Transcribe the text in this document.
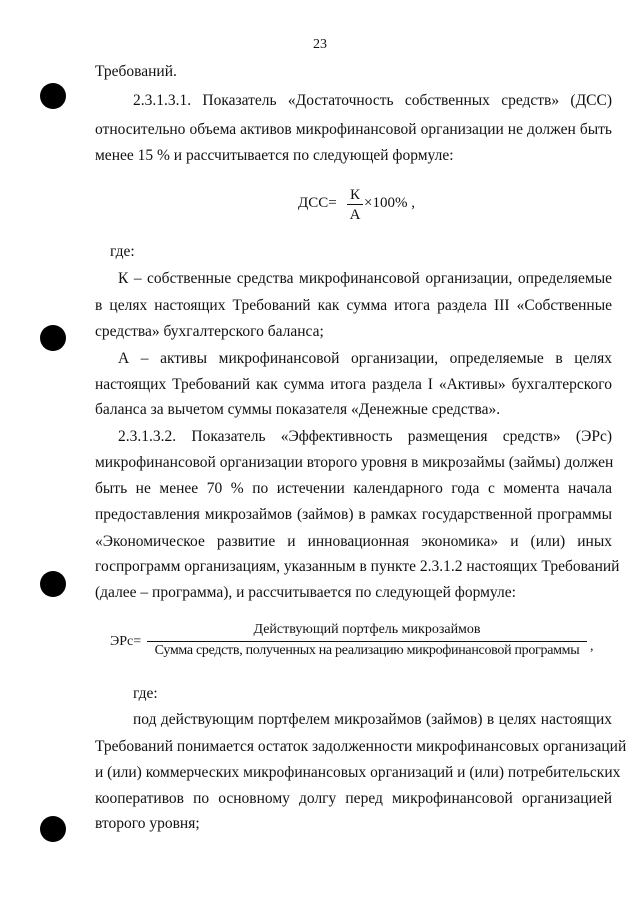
23
Требований.
2.3.1.3.1. Показатель «Достаточность собственных средств» (ДСС)
относительно объема активов микрофинансовой организации не должен быть
менее 15 % и рассчитывается по следующей формуле:
ДСС= К
А
×100% ,
где:
К – собственные средства микрофинансовой организации, определяемые
в целях настоящих Требований как сумма итога раздела III «Собственные
средства» бухгалтерского баланса;
А – активы микрофинансовой организации, определяемые в целях
настоящих Требований как сумма итога раздела I «Активы» бухгалтерского
баланса за вычетом суммы показателя «Денежные средства».
2.3.1.3.2. Показатель «Эффективность размещения средств» (ЭРс)
микрофинансовой организации второго уровня в микрозаймы (займы) должен
быть не менее 70 % по истечении календарного года с момента начала
предоставления микрозаймов (займов) в рамках государственной программы
«Экономическое развитие и инновационная экономика» и (или) иных
госпрограмм организациям, указанным в пункте 2.3.1.2 настоящих Требований
(далее – программа), и рассчитывается по следующей формуле:
ЭРс=
Действующий портфель микрозаймов
Сумма средств, полученных на реализацию микрофинансовой программы ,
где:
под действующим портфелем микрозаймов (займов) в целях настоящих
Требований понимается остаток задолженности микрофинансовых организаций
и (или) коммерческих микрофинансовых организаций и (или) потребительских
кооперативов по основному долгу перед микрофинансовой организацией
второго уровня;
